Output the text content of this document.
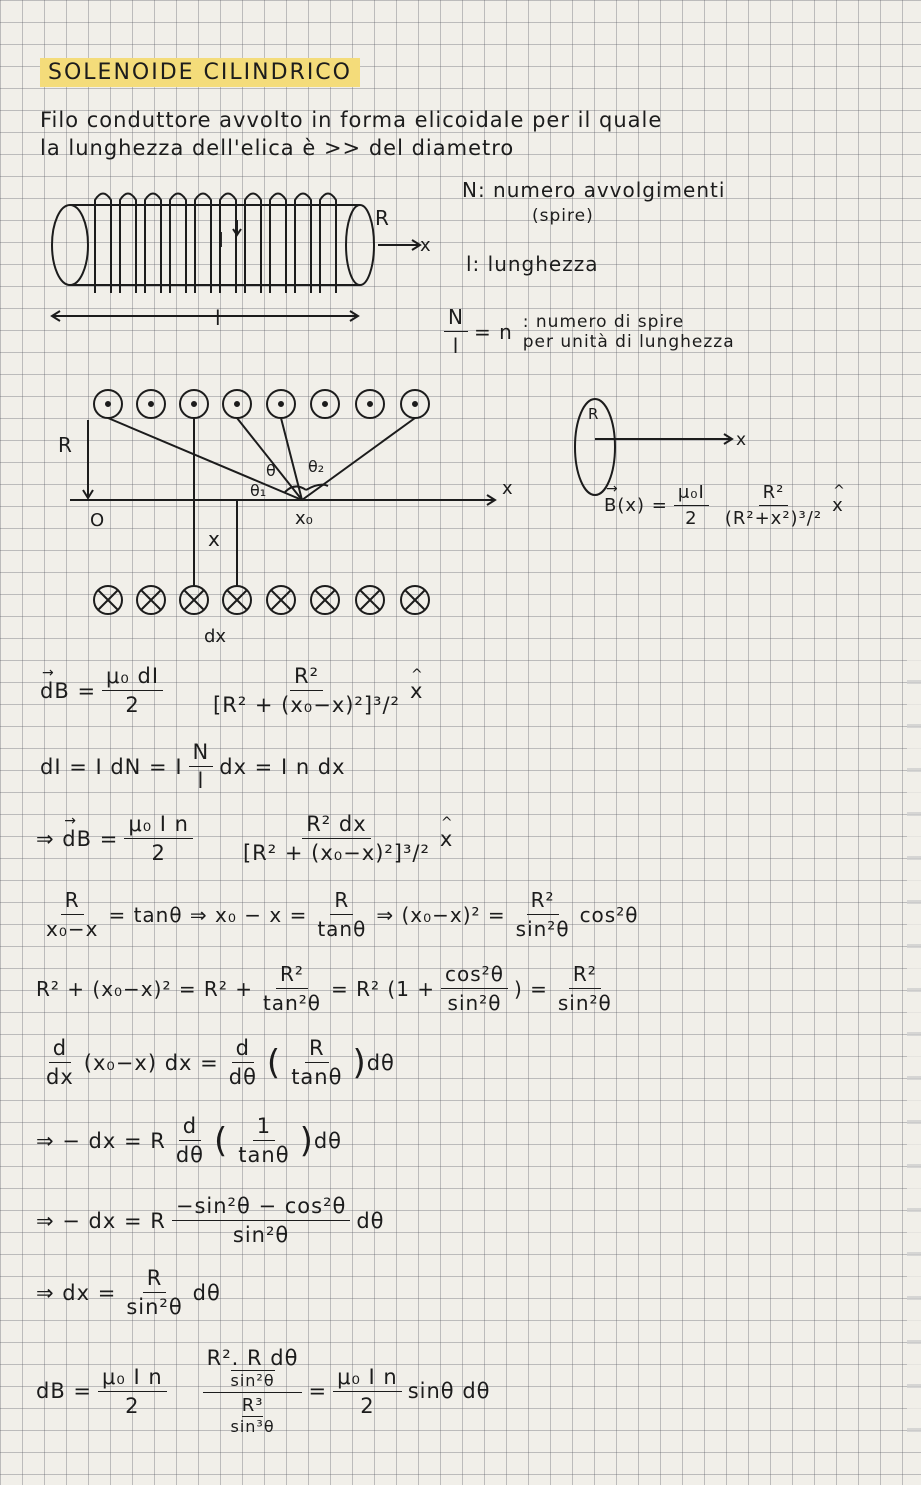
SOLENOIDE CILINDRICO
Filo conduttore avvolto in forma elicoidale per il quale
la lunghezza dell'elica è >> del diametro
I
R
x
l
N: numero avvolgimenti
(spire)
l: lunghezza
$\frac{N}{l} = n$ : numero di spire
per unità di lunghezza
R
O
x
x₀
θ
θ₁
θ₂
x
dx
R
x
→ $B(x) = \frac{\text{μ₀I}}{2} \frac{\text{R²}}{\text{(R²+x²)³/²}}$ ^ x
→ dB
= $\frac{\text{μ₀ dI}}{2} \frac{\text{R²}}{\text{[R² + (x₀−x)²]³/²}}$ ^ x
dI = I dN = I $\frac{N}{l}$ dx = I n dx
⇒
→ dB
= $\frac{\text{μ₀ I n}}{2} \frac{\text{R² dx}}{\text{[R² + (x₀−x)²]³/²}}$ ^ x
$\frac{R}{\text{x₀−x}} = \tan\theta$ ⇒ $x_0 - x = \frac{R}{\tan\theta}$ ⇒ $(x_0-x)^2 = \frac{\text{R²}}{\text{sin²θ}} \cos^2\theta$
$R^2 + (x_0-x)^2 = R^2 + \frac{\text{R²}}{\text{tan²θ}} = R^2$ ($1 + \frac{\text{cos²θ}}{\text{sin²θ}}$ ) = $\frac{\text{R²}}{\text{sin²θ}}$
$\frac{d}{dx} (x_0-x)$ dx = $\frac{d}{d\theta}$ ( $\frac{R}{\tan\theta}$ ) dθ
⇒ − dx = R $\frac{d}{d\theta}$ ( $\frac{1}{\tan\theta}$ ) dθ
⇒ − dx = R $\frac{\text{−sin²θ − cos²θ}}{\text{sin²θ}}$ dθ
⇒ dx = $\frac{R}{\text{sin²θ}}$ dθ
dB = $\frac{\text{μ₀ I n}}{2} R^2$. R dθ
sin²θ
R³
$\sin^3\theta = \frac{\text{μ₀ I n}}{2}$ sinθ dθ
